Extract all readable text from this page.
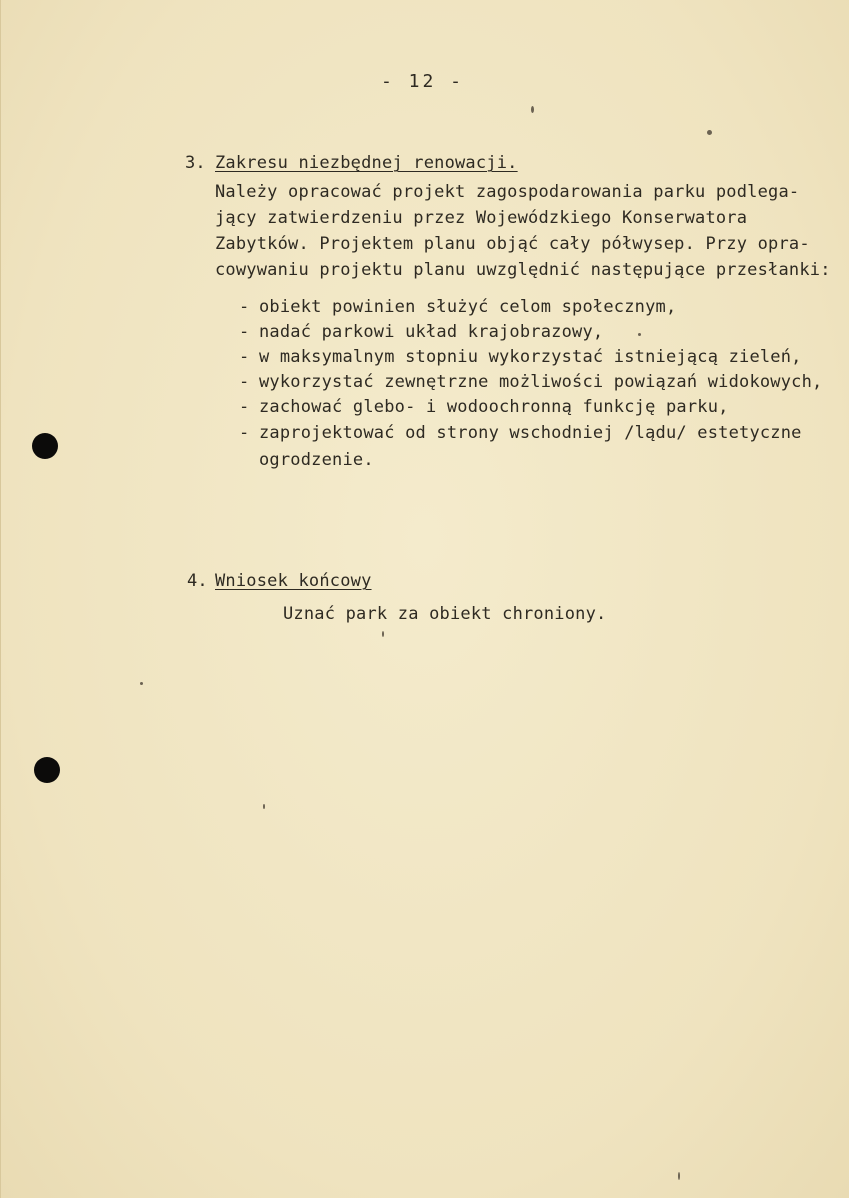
- 12 -
3. Zakresu niezbędnej renowacji.
Należy opracować projekt zagospodarowania parku podlega-
jący zatwierdzeniu przez Wojewódzkiego Konserwatora
Zabytków. Projektem planu objąć cały półwysep. Przy opra-
cowywaniu projektu planu uwzględnić następujące przesłanki:
- obiekt powinien służyć celom społecznym,
- nadać parkowi układ krajobrazowy,
- w maksymalnym stopniu wykorzystać istniejącą zieleń,
- wykorzystać zewnętrzne możliwości powiązań widokowych,
- zachować glebo- i wodoochronną funkcję parku,
- zaprojektować od strony wschodniej /lądu/ estetyczne
ogrodzenie.
4. Wniosek końcowy
Uznać park za obiekt chroniony.
